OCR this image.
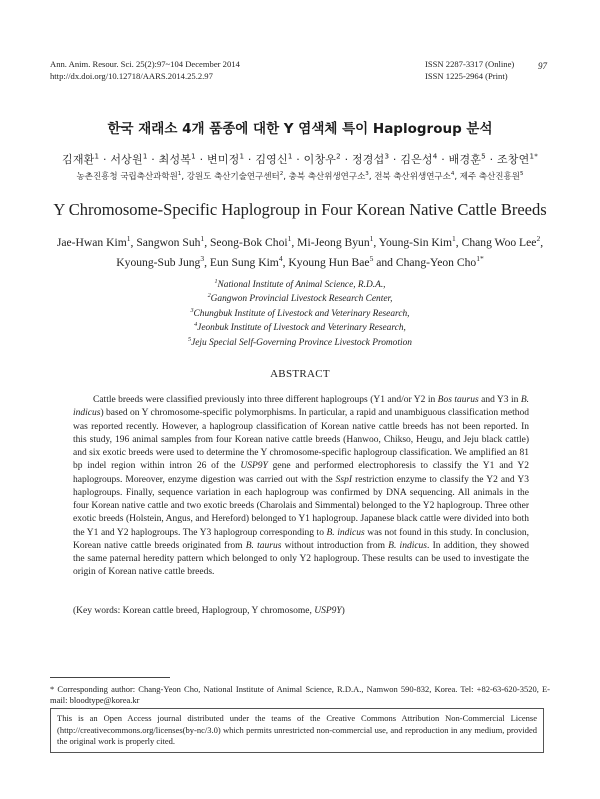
Ann. Anim. Resour. Sci. 25(2):97~104 December 2014
http://dx.doi.org/10.12718/AARS.2014.25.2.97
ISSN 2287-3317 (Online)
ISSN 1225-2964 (Print)
97
한국 재래소 4개 품종에 대한 Y 염색체 특이 Haplogroup 분석
김재환$^1$ · 서상원$^1$ · 최성복$^1$ · 변미정$^1$ · 김영신$^1$ · 이창우$^2$ · 정경섭$^3$ · 김은성$^4$ · 배경훈$^5$ · 조창연$^{1*}$
농촌진흥청 국립축산과학원$^1$, 강원도 축산기술연구센터$^2$, 충북 축산위생연구소$^3$, 전북 축산위생연구소$^4$, 제주 축산진흥원$^5$
Y Chromosome-Specific Haplogroup in Four Korean Native Cattle Breeds
Jae-Hwan Kim$^1$, Sangwon Suh$^1$, Seong-Bok Choi$^1$, Mi-Jeong Byun$^1$, Young-Sin Kim$^1$, Chang Woo Lee$^2$,
Kyoung-Sub Jung$^3$, Eun Sung Kim$^4$, Kyoung Hun Bae$^5$ and Chang-Yeon Cho$^{1*}$
$^1$National Institute of Animal Science, R.D.A.,
$^2$Gangwon Provincial Livestock Research Center,
$^3$Chungbuk Institute of Livestock and Veterinary Research,
$^4$Jeonbuk Institute of Livestock and Veterinary Research,
$^5$Jeju Special Self-Governing Province Livestock Promotion
ABSTRACT
Cattle breeds were classified previously into three different haplogroups (Y1 and/or Y2 in Bos taurus and Y3 in B. indicus) based on Y chromosome-specific polymorphisms. In particular, a rapid and unambiguous classification method was reported recently. However, a haplogroup classification of Korean native cattle breeds has not been reported. In this study, 196 animal samples from four Korean native cattle breeds (Hanwoo, Chikso, Heugu, and Jeju black cattle) and six exotic breeds were used to determine the Y chromosome-specific haplogroup classification. We amplified an 81 bp indel region within intron 26 of the USP9Y gene and performed electrophoresis to classify the Y1 and Y2 haplogroups. Moreover, enzyme digestion was carried out with the SspI restriction enzyme to classify the Y2 and Y3 haplogroups. Finally, sequence variation in each haplogroup was confirmed by DNA sequencing. All animals in the four Korean native cattle and two exotic breeds (Charolais and Simmental) belonged to the Y2 haplogroup. Three other exotic breeds (Holstein, Angus, and Hereford) belonged to Y1 haplogroup. Japanese black cattle were divided into both the Y1 and Y2 haplogroups. The Y3 haplogroup corresponding to B. indicus was not found in this study. In conclusion, Korean native cattle breeds originated from B. taurus without introduction from B. indicus. In addition, they showed the same paternal heredity pattern which belonged to only Y2 haplogroup. These results can be used to investigate the origin of Korean native cattle breeds.
(Key words: Korean cattle breed, Haplogroup, Y chromosome, USP9Y)
* Corresponding author: Chang-Yeon Cho, National Institute of Animal Science, R.D.A., Namwon 590-832, Korea. Tel: +82-63-620-3520, E-mail: bloodtype@korea.kr
This is an Open Access journal distributed under the teams of the Creative Commons Attribution Non-Commercial License (http://creativecommons.org/licenses(by-nc/3.0) which permits unrestricted non-commercial use, and reproduction in any medium, provided the original work is properly cited.
